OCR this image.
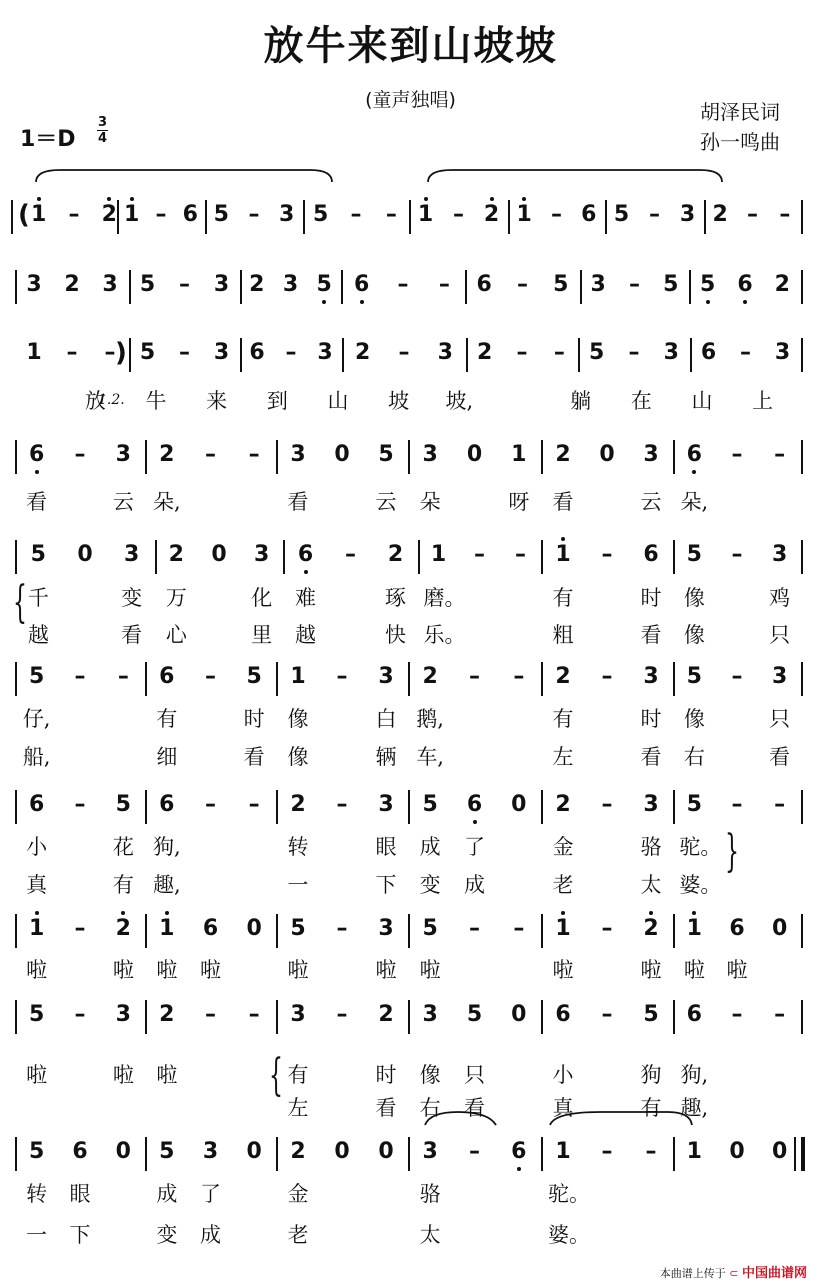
放牛来到山坡坡
(童声独唱)	胡泽民词
孙一鸣曲
1＝D
3
4
( 1 – 2 1 – 6 5 – 3 5 – – 1 – 2 1 – 6 5 – 3 2 – –
3 2 3 5 – 3 2 3 5 6 – – 6 – 5 3 – 5 5 6 2
)
1 – – 5 – 3 6 – 3 2 – 3 2 – – 5 – 3 6 – 3
放 牛 来 到 山 坡 坡,	躺 在 山 上
1.2.
6 – 3 2 – – 3 0 5 3 0 1 2 0 3 6 – –
看	云 朵,	看	云 朵	呀 看	云 朵,
5 0 3 2 0 3 6 – 2 1 – – 1 – 6 5 – 3
千	变 万	化 难	琢 磨。	有	时 像	鸡
越	看 心	里 越	快 乐。	粗	看 像	只
{
5 – – 6 – 5 1 – 3 2 – – 2 – 3 5 – 3
仔,	有	时 像	白 鹅,	有	时 像	只
船,	细	看 像	辆 车,	左	看 右	看
6 – 5 6 – – 2 – 3 5 6 0 2 – 3 5 – –
小	花 狗,	转	眼 成 了	金	骆 驼。
真	有 趣,	一	下 变 成	老	太 婆。
}
1 – 2 1 6 0 5 – 3 5 – – 1 – 2 1 6 0
啦	啦 啦 啦	啦	啦 啦	啦	啦 啦 啦
5 – 3 2 – – 3 – 2 3 5 0 6 – 5 6 – –
啦	啦 啦	有	时 像 只	小	狗 狗,
左	看 右 看	真	有 趣,
{
5 6 0 5 3 0 2 0 0 3 – 6 1 – – 1 0 0
转 眼	成 了	金	骆	驼。
一 下	变 成	老	太	婆。
本曲谱上传于 ⊂ 中国曲谱网
